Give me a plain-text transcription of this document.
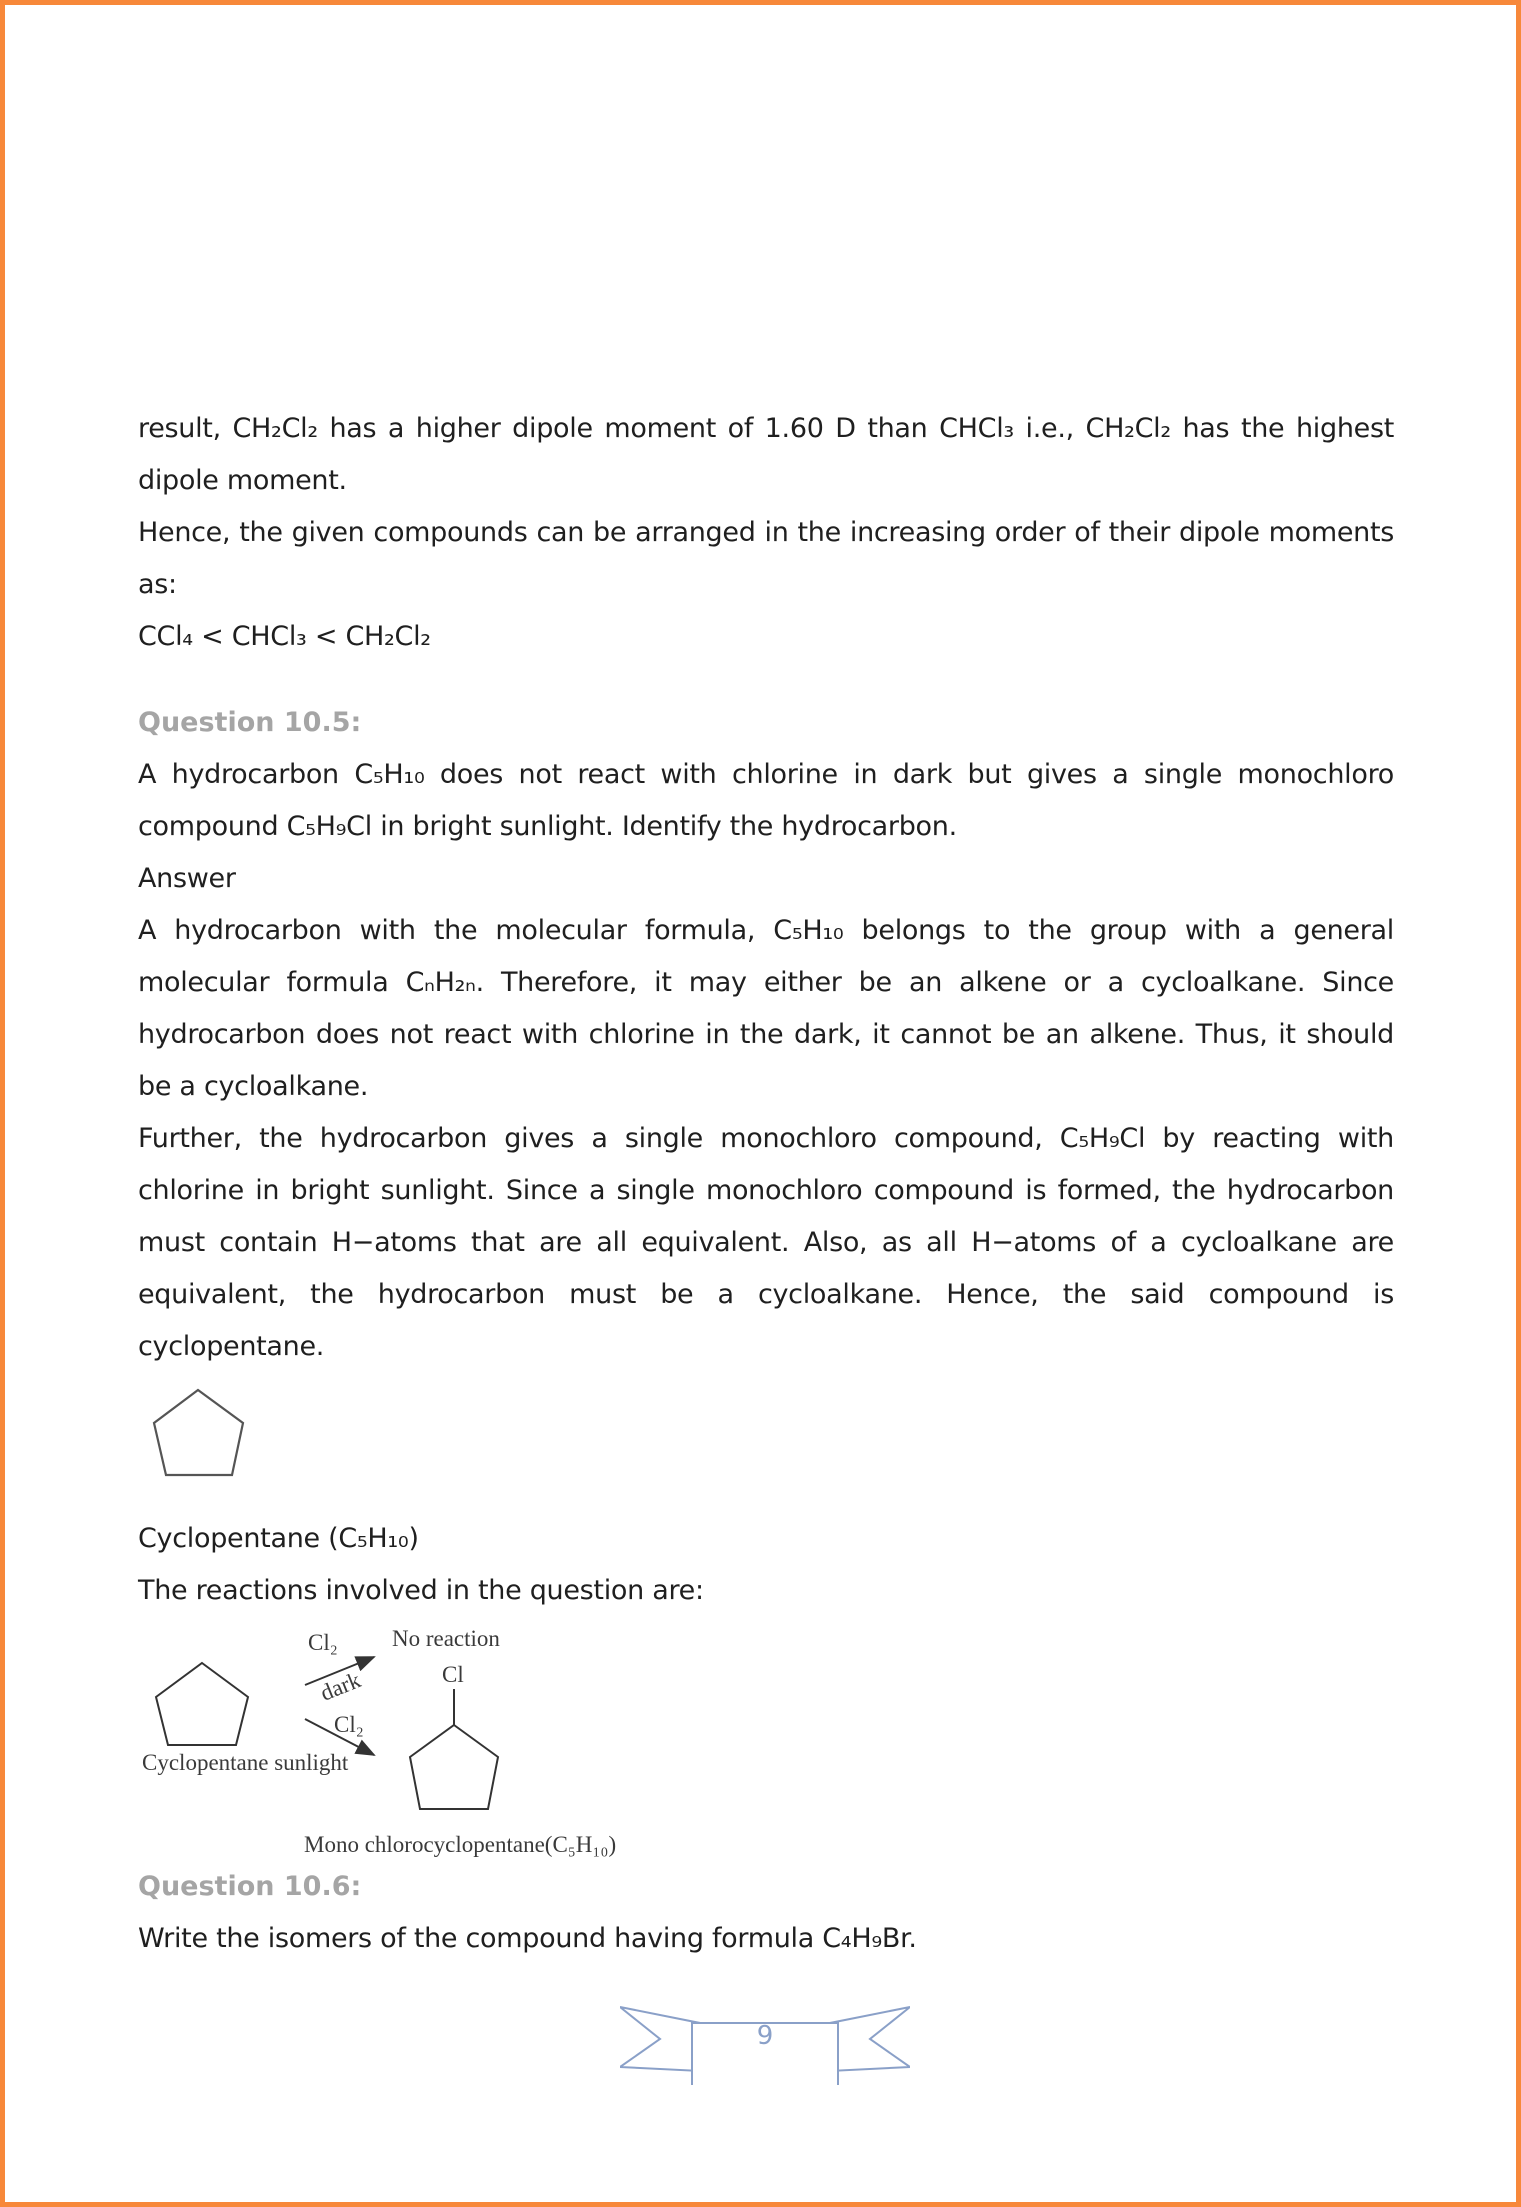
result, CH₂Cl₂ has a higher dipole moment of 1.60 D than CHCl₃ i.e., CH₂Cl₂ has the highest dipole moment.

Hence, the given compounds can be arranged in the increasing order of their dipole moments as:

CCl₄ < CHCl₃ < CH₂Cl₂

Question 10.5:

A hydrocarbon C₅H₁₀ does not react with chlorine in dark but gives a single monochloro compound C₅H₉Cl in bright sunlight. Identify the hydrocarbon.

Answer

A hydrocarbon with the molecular formula, C₅H₁₀ belongs to the group with a general molecular formula CₙH₂ₙ. Therefore, it may either be an alkene or a cycloalkane. Since hydrocarbon does not react with chlorine in the dark, it cannot be an alkene. Thus, it should be a cycloalkane.

Further, the hydrocarbon gives a single monochloro compound, C₅H₉Cl by reacting with chlorine in bright sunlight. Since a single monochloro compound is formed, the hydrocarbon must contain H−atoms that are all equivalent. Also, as all H−atoms of a cycloalkane are equivalent, the hydrocarbon must be a cycloalkane. Hence, the said compound is cyclopentane.

Cyclopentane (C₅H₁₀)

The reactions involved in the question are:

Cl₂
dark
No reaction
Cl₂
Cyclopentane sunlight
Cl
Mono chlorocyclopentane(C₅H₁₀)
Question 10.6:

Write the isomers of the compound having formula C₄H₉Br.

9
